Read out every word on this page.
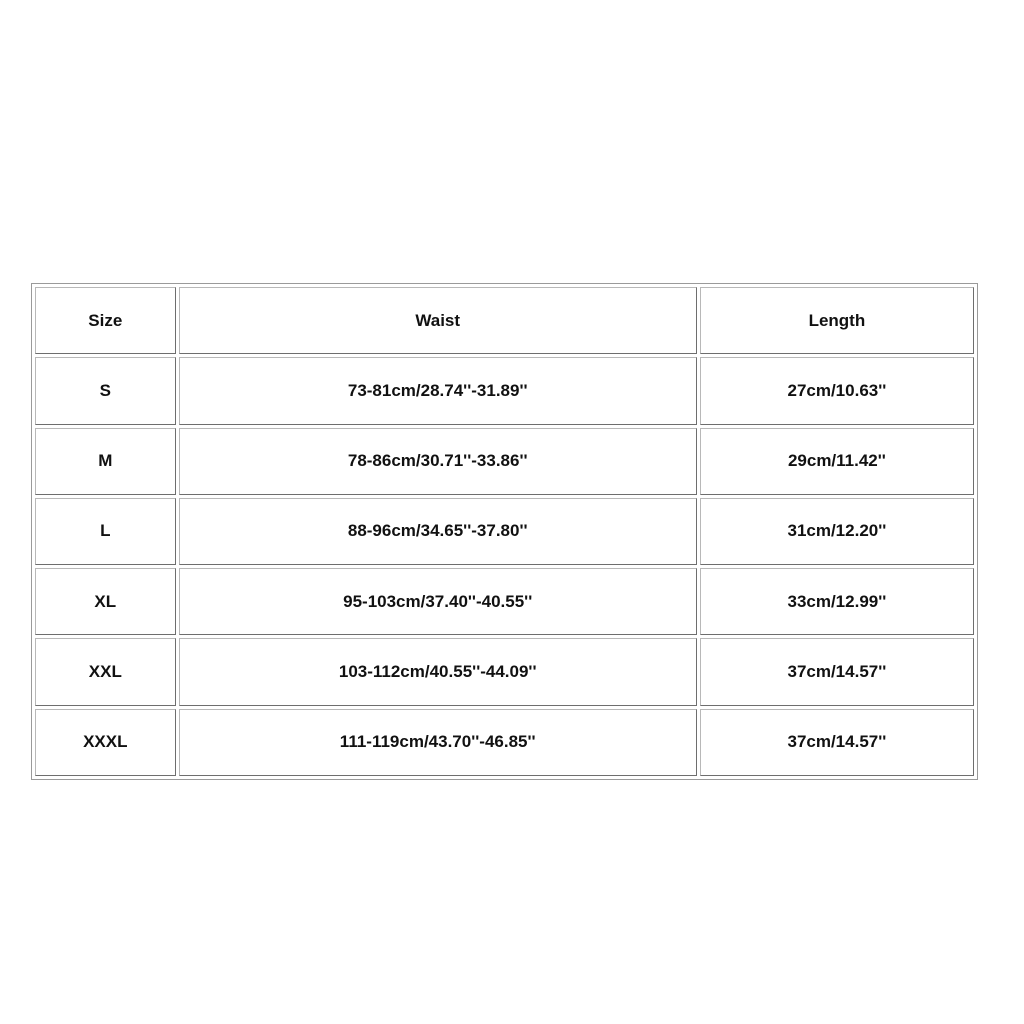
Size	Waist	Length
S	73-81cm/28.74''-31.89''	27cm/10.63''
M	78-86cm/30.71''-33.86''	29cm/11.42''
L	88-96cm/34.65''-37.80''	31cm/12.20''
XL	95-103cm/37.40''-40.55''	33cm/12.99''
XXL	103-112cm/40.55''-44.09''	37cm/14.57''
XXXL	111-119cm/43.70''-46.85''	37cm/14.57''
